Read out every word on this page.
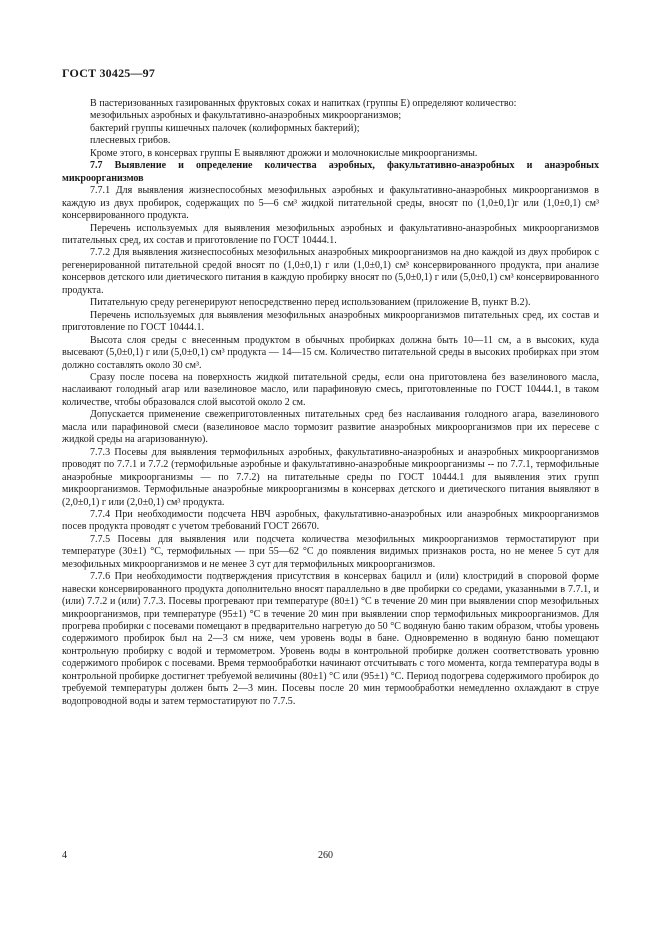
ГОСТ 30425—97

В пастеризованных газированных фруктовых соках и напитках (группы Е) определяют количество:

мезофильных аэробных и факультативно-анаэробных микроорганизмов;

бактерий группы кишечных палочек (колиформных бактерий);

плесневых грибов.

Кроме этого, в консервах группы Е выявляют дрожжи и молочнокислые микроорганизмы.

7.7 Выявление и определение количества аэробных, факультативно-анаэробных и анаэробных микроорганизмов

7.7.1 Для выявления жизнеспособных мезофильных аэробных и факультативно-анаэробных микроорганизмов в каждую из двух пробирок, содержащих по 5—6 см³ жидкой питательной среды, вносят по (1,0±0,1)г или (1,0±0,1) см³ консервированного продукта.

Перечень используемых для выявления мезофильных аэробных и факультативно-анаэробных микроорганизмов питательных сред, их состав и приготовление по ГОСТ 10444.1.

7.7.2 Для выявления жизнеспособных мезофильных анаэробных микроорганизмов на дно каждой из двух пробирок с регенерированной питательной средой вносят по (1,0±0,1) г или (1,0±0,1) см³ консервированного продукта, при анализе консервов детского или диетического питания в каждую пробирку вносят по (5,0±0,1) г или (5,0±0,1) см³ консервированного продукта.

Питательную среду регенерируют непосредственно перед использованием (приложение В, пункт В.2).

Перечень используемых для выявления мезофильных анаэробных микроорганизмов питательных сред, их состав и приготовление по ГОСТ 10444.1.

Высота слоя среды с внесенным продуктом в обычных пробирках должна быть 10—11 см, а в высоких, куда высевают (5,0±0,1) г или (5,0±0,1) см³ продукта — 14—15 см. Количество питательной среды в высоких пробирках при этом должно составлять около 30 см³.

Сразу после посева на поверхность жидкой питательной среды, если она приготовлена без вазелинового масла, наслаивают голодный агар или вазелиновое масло, или парафиновую смесь, приготовленные по ГОСТ 10444.1, в таком количестве, чтобы образовался слой высотой около 2 см.

Допускается применение свежеприготовленных питательных сред без наслаивания голодного агара, вазелинового масла или парафиновой смеси (вазелиновое масло тормозит развитие анаэробных микроорганизмов при их пересеве с жидкой среды на агаризованную).

7.7.3 Посевы для выявления термофильных аэробных, факультативно-анаэробных и анаэробных микроорганизмов проводят по 7.7.1 и 7.7.2 (термофильные аэробные и факультативно-анаэробные микроорганизмы -- по 7.7.1, термофильные анаэробные микроорганизмы — по 7.7.2) на питательные среды по ГОСТ 10444.1 для выявления этих групп микроорганизмов. Термофильные анаэробные микроорганизмы в консервах детского и диетического питания выявляют в (2,0±0,1) г или (2,0±0,1) см³ продукта.

7.7.4 При необходимости подсчета НВЧ аэробных, факультативно-анаэробных или анаэробных микроорганизмов посев продукта проводят с учетом требований ГОСТ 26670.

7.7.5 Посевы для выявления или подсчета количества мезофильных микроорганизмов термостатируют при температуре (30±1) °С, термофильных — при 55—62 °С до появления видимых признаков роста, но не менее 5 сут для мезофильных микроорганизмов и не менее 3 сут для термофильных микроорганизмов.

7.7.6 При необходимости подтверждения присутствия в консервах бацилл и (или) клостридий в споровой форме навески консервированного продукта дополнительно вносят параллельно в две пробирки со средами, указанными в 7.7.1, и (или) 7.7.2 и (или) 7.7.3. Посевы прогревают при температуре (80±1) °С в течение 20 мин при выявлении спор мезофильных микроорганизмов, при температуре (95±1) °С в течение 20 мин при выявлении спор термофильных микроорганизмов. Для прогрева пробирки с посевами помещают в предварительно нагретую до 50 °С водяную баню таким образом, чтобы уровень содержимого пробирок был на 2—3 см ниже, чем уровень воды в бане. Одновременно в водяную баню помещают контрольную пробирку с водой и термометром. Уровень воды в контрольной пробирке должен соответствовать уровню содержимого пробирок с посевами. Время термообработки начинают отсчитывать с того момента, когда температура воды в контрольной пробирке достигнет требуемой величины (80±1) °С или (95±1) °С. Период подогрева содержимого пробирок до требуемой температуры должен быть 2—3 мин. Посевы после 20 мин термообработки немедленно охлаждают в струе водопроводной воды и затем термостатируют по 7.7.5.

4	260
